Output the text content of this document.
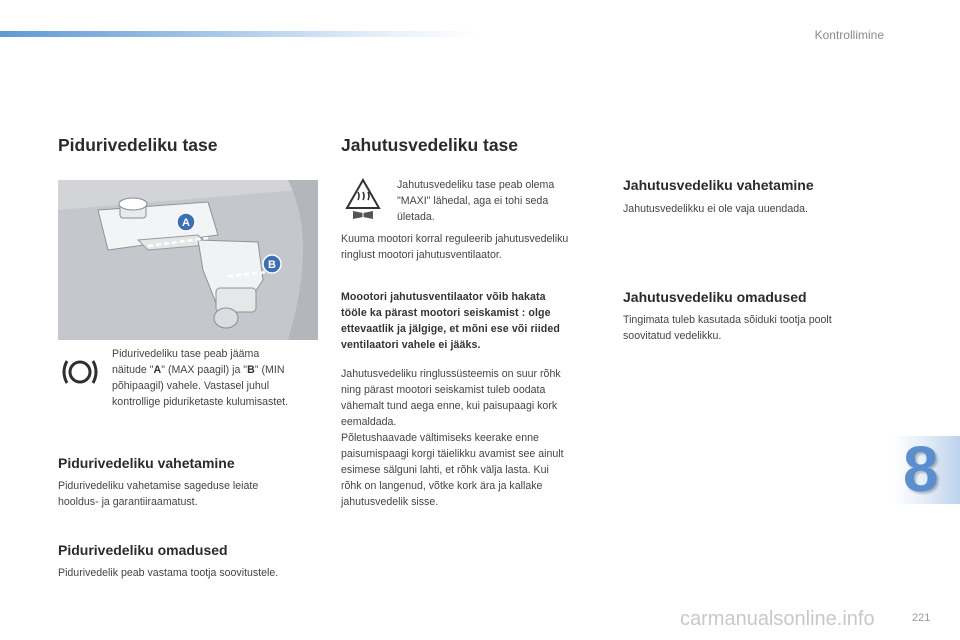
Kontrollimine
Pidurivedeliku tase
A
B

Pidurivedeliku tase peab jääma

näitude "A" (MAX paagil) ja "B" (MIN

põhipaagil) vahele. Vastasel juhul

kontrollige piduriketaste kulumisastet.

Pidurivedeliku vahetamine

Pidurivedeliku vahetamise sageduse leiate

hooldus- ja garantiiraamatust.

Pidurivedeliku omadused

Pidurivedelik peab vastama tootja soovitustele.

Jahutusvedeliku tase

Jahutusvedeliku tase peab olema

"MAXI" lähedal, aga ei tohi seda

ületada.

Kuuma mootori korral reguleerib jahutusvedeliku

ringlust mootori jahutusventilaator.

Moootori jahutusventilaator võib hakata

tööle ka pärast mootori seiskamist : olge

ettevaatlik ja jälgige, et mõni ese või riided

ventilaatori vahele ei jääks.

Jahutusvedeliku ringlussüsteemis on suur rõhk

ning pärast mootori seiskamist tuleb oodata

vähemalt tund aega enne, kui paisupaagi kork

eemaldada.

Põletushaavade vältimiseks keerake enne

paisumispaagi korgi täielikku avamist see ainult

esimese sälguni lahti, et rõhk välja lasta. Kui

rõhk on langenud, võtke kork ära ja kallake

jahutusvedelik sisse.

Jahutusvedeliku vahetamine

Jahutusvedelikku ei ole vaja uuendada.

Jahutusvedeliku omadused

Tingimata tuleb kasutada sõiduki tootja poolt

soovitatud vedelikku.

8
carmanualsonline.info	221
